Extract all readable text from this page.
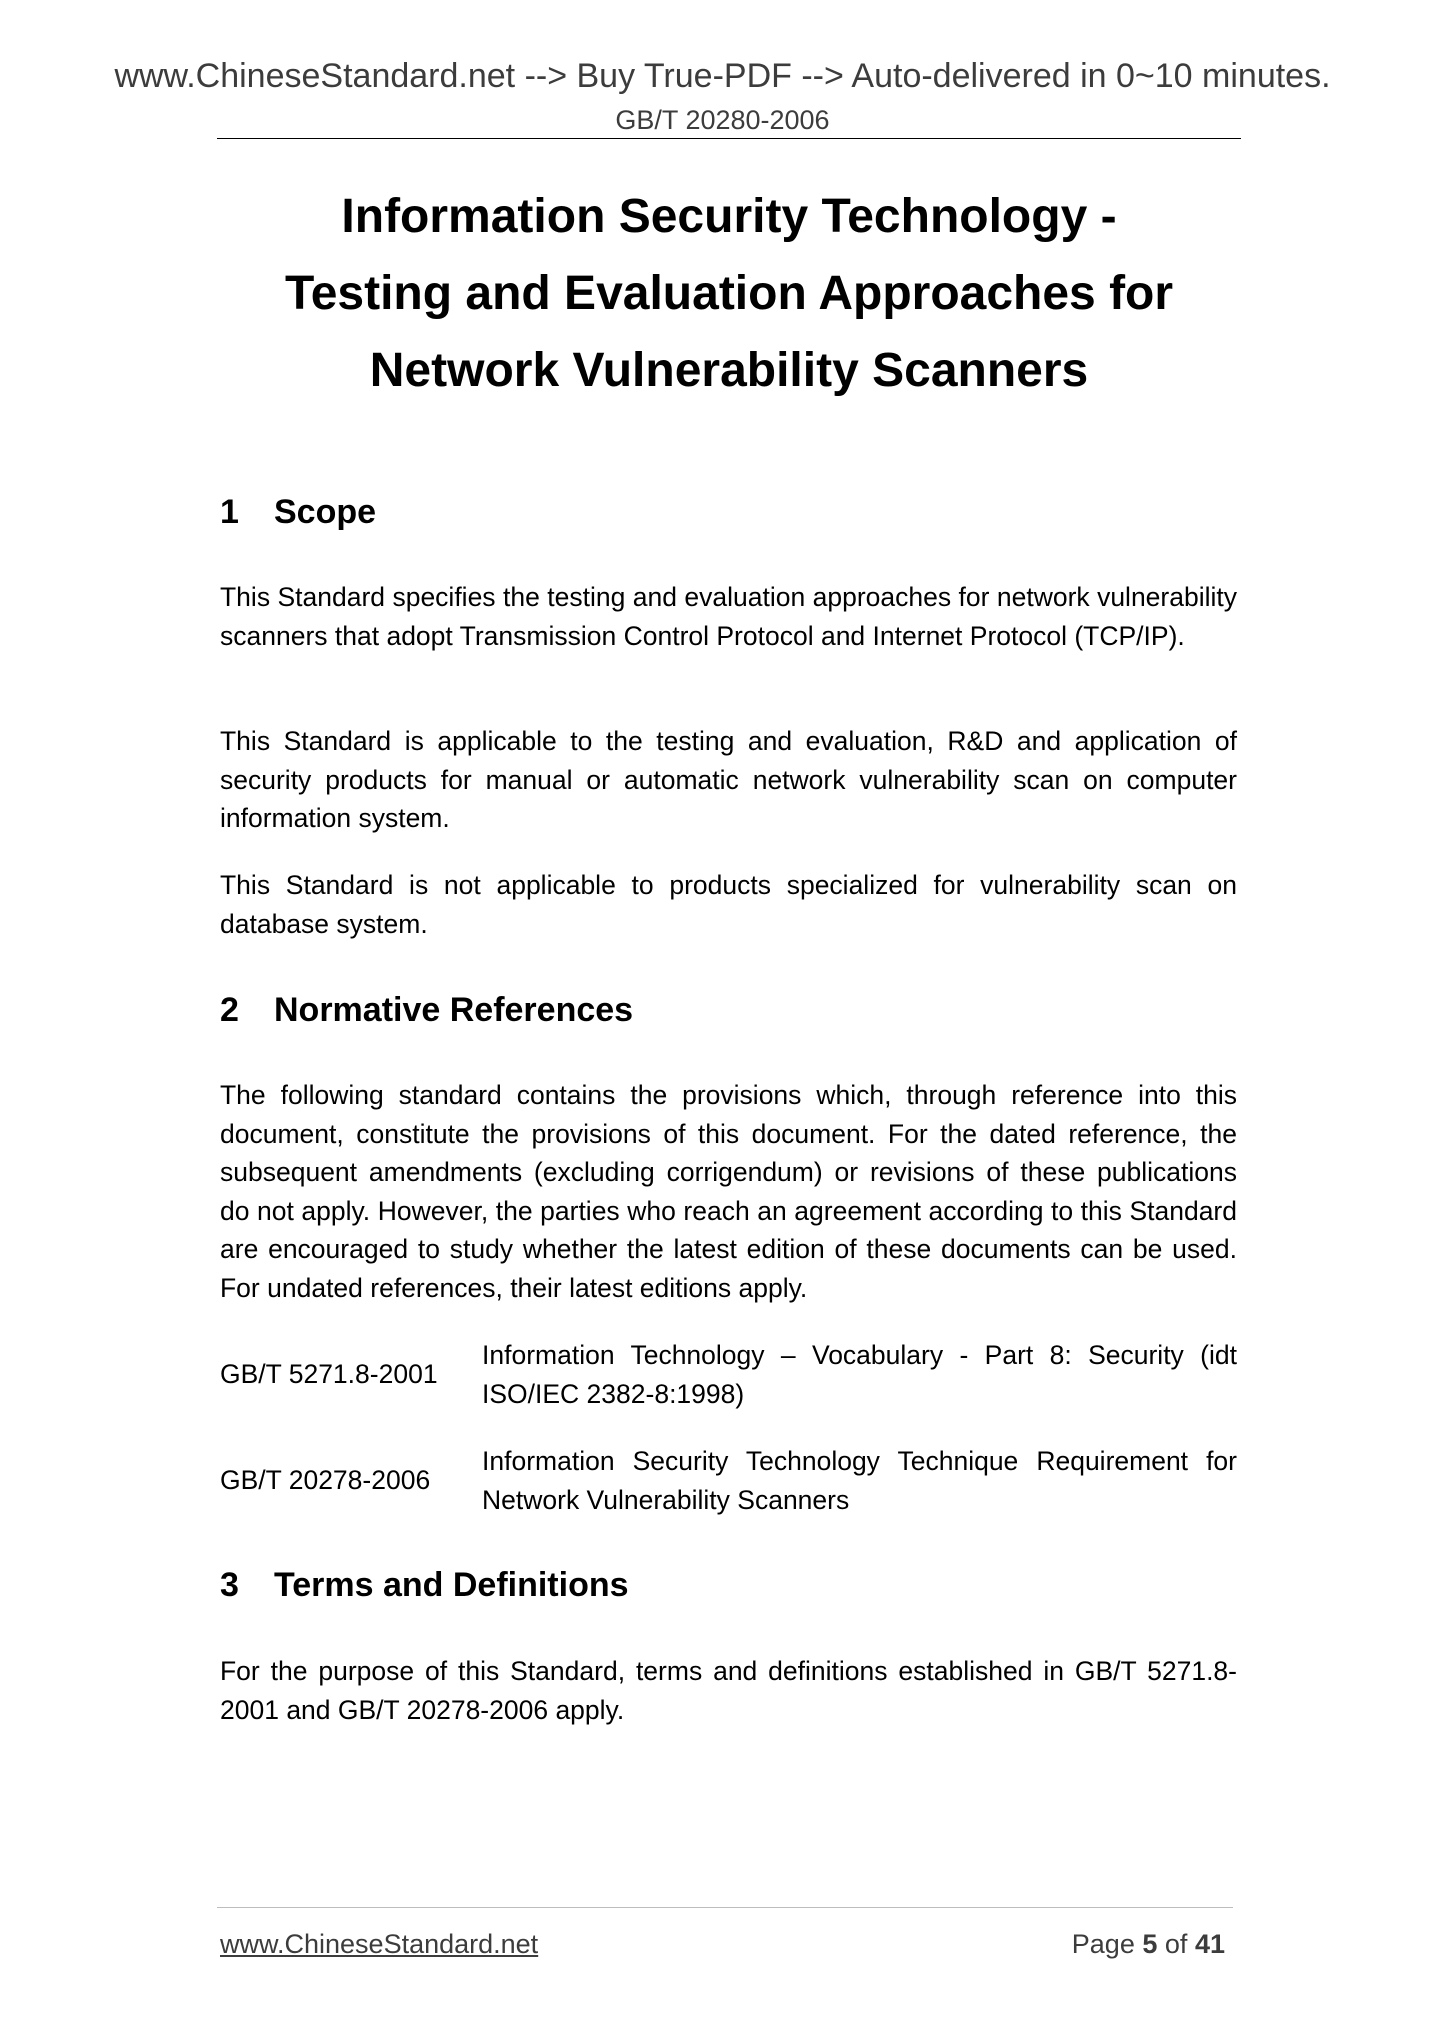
www.ChineseStandard.net --> Buy True-PDF --> Auto-delivered in 0~10 minutes.
GB/T 20280-2006
Information Security Technology -
Testing and Evaluation Approaches for
Network Vulnerability Scanners
1 Scope

This Standard specifies the testing and evaluation approaches for network vulnerability scanners that adopt Transmission Control Protocol and Internet Protocol (TCP/IP).

This Standard is applicable to the testing and evaluation, R&D and application of security products for manual or automatic network vulnerability scan on computer information system.

This Standard is not applicable to products specialized for vulnerability scan on database system.

2 Normative References

The following standard contains the provisions which, through reference into this document, constitute the provisions of this document. For the dated reference, the subsequent amendments (excluding corrigendum) or revisions of these publications do not apply. However, the parties who reach an agreement according to this Standard are encouraged to study whether the latest edition of these documents can be used. For undated references, their latest editions apply.

GB/T 5271.8-2001
Information Technology – Vocabulary - Part 8: Security (idt ISO/IEC 2382-8:1998)
GB/T 20278-2006
Information Security Technology Technique Requirement for Network Vulnerability Scanners
3 Terms and Definitions

For the purpose of this Standard, terms and definitions established in GB/T 5271.8-2001 and GB/T 20278-2006 apply.

www.ChineseStandard.net	Page 5 of 41
